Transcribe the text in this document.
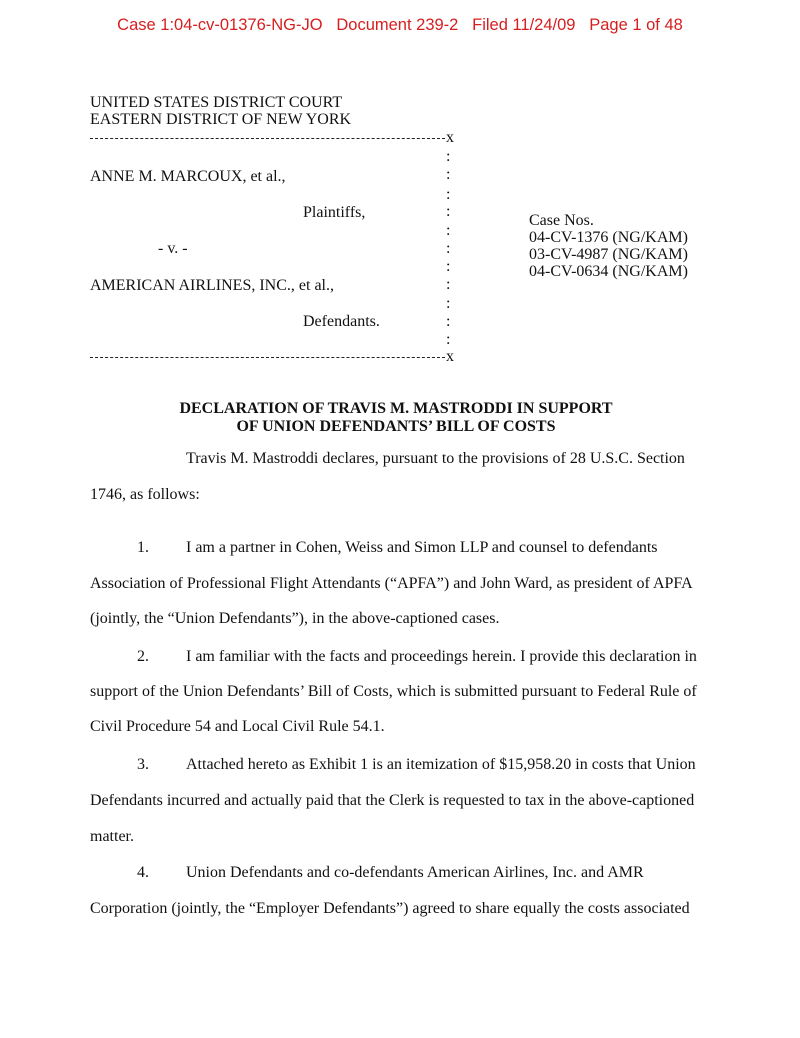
Case 1:04-cv-01376-NG-JO Document 239-2 Filed 11/24/09 Page 1 of 48
UNITED STATES DISTRICT COURT
EASTERN DISTRICT OF NEW YORK
x
:
:
:
:
:
:
:
:
:
:
:
ANNE M. MARCOUX, et al.,
Plaintiffs,
- v. -
AMERICAN AIRLINES, INC., et al.,
Defendants.
x
Case Nos.
04-CV-1376 (NG/KAM)
03-CV-4987 (NG/KAM)
04-CV-0634 (NG/KAM)
DECLARATION OF TRAVIS M. MASTRODDI IN SUPPORT
OF UNION DEFENDANTS’ BILL OF COSTS
Travis M. Mastroddi declares, pursuant to the provisions of 28 U.S.C. Section
1746, as follows:
1. I am a partner in Cohen, Weiss and Simon LLP and counsel to defendants
Association of Professional Flight Attendants (“APFA”) and John Ward, as president of APFA
(jointly, the “Union Defendants”), in the above-captioned cases.
2. I am familiar with the facts and proceedings herein. I provide this declaration in
support of the Union Defendants’ Bill of Costs, which is submitted pursuant to Federal Rule of
Civil Procedure 54 and Local Civil Rule 54.1.
3. Attached hereto as Exhibit 1 is an itemization of $15,958.20 in costs that Union
Defendants incurred and actually paid that the Clerk is requested to tax in the above-captioned
matter.
4. Union Defendants and co-defendants American Airlines, Inc. and AMR
Corporation (jointly, the “Employer Defendants”) agreed to share equally the costs associated
